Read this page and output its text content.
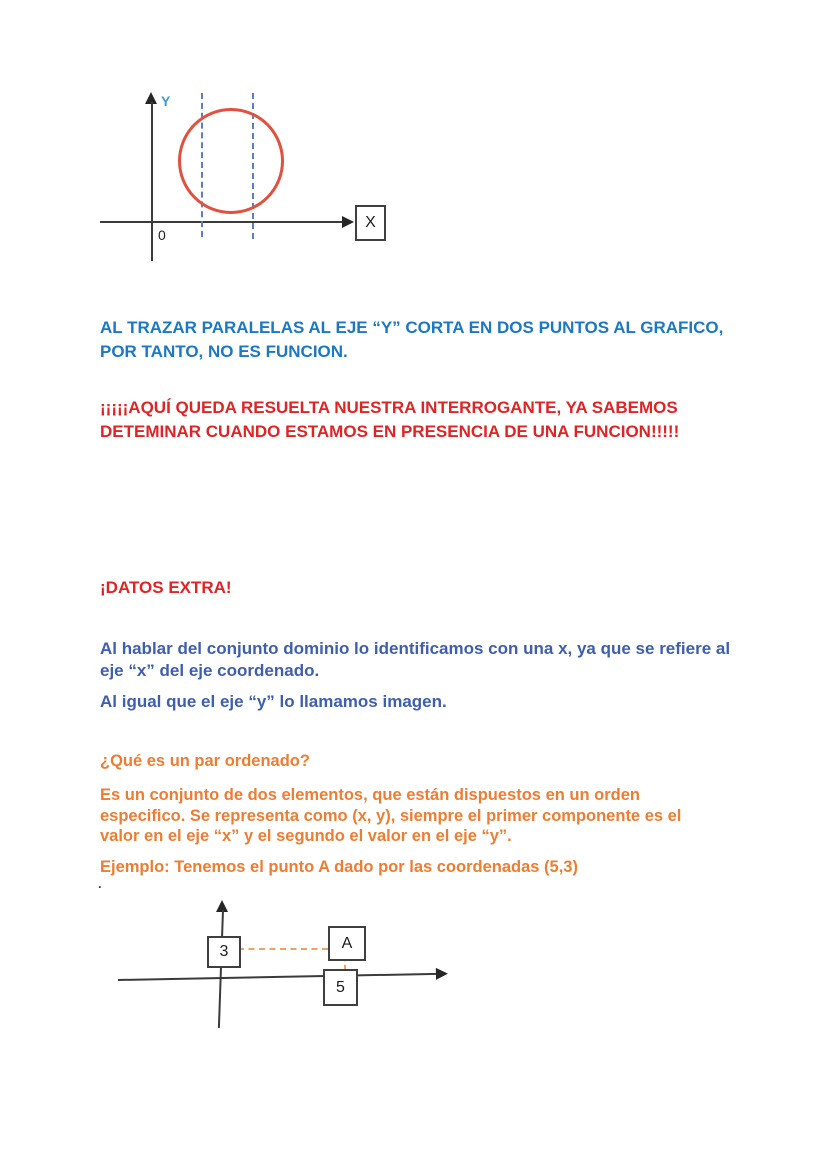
Y
0
X
AL TRAZAR PARALELAS AL EJE “Y” CORTA EN DOS PUNTOS AL GRAFICO,
POR TANTO, NO ES FUNCION.
¡¡¡¡¡AQUÍ QUEDA RESUELTA NUESTRA INTERROGANTE, YA SABEMOS
DETEMINAR CUANDO ESTAMOS EN PRESENCIA DE UNA FUNCION!!!!!
¡DATOS EXTRA!
Al hablar del conjunto dominio lo identificamos con una x, ya que se refiere al
eje “x” del eje coordenado.
Al igual que el eje “y” lo llamamos imagen.
¿Qué es un par ordenado?
Es un conjunto de dos elementos, que están dispuestos en un orden
especifico. Se representa como (x, y), siempre el primer componente es el
valor en el eje “x” y el segundo el valor en el eje “y”.
Ejemplo: Tenemos el punto A dado por las coordenadas (5,3)
.
3	A
5
